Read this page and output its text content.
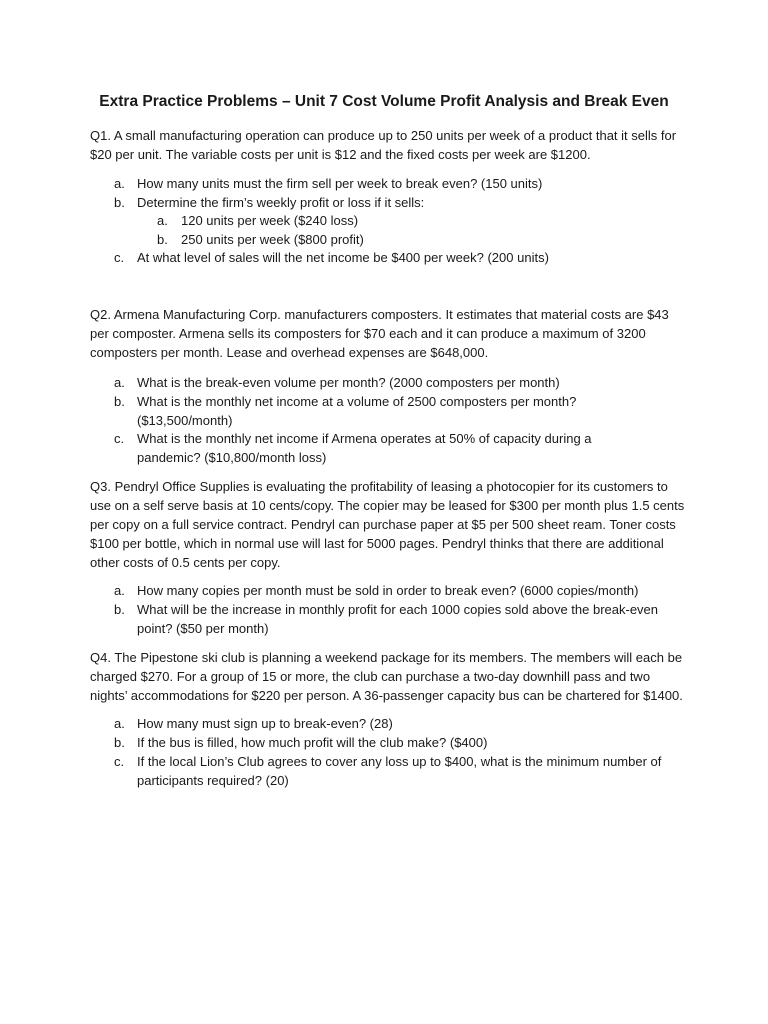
Extra Practice Problems – Unit 7 Cost Volume Profit Analysis and Break Even
Q1. A small manufacturing operation can produce up to 250 units per week of a product that it sells for
$20 per unit. The variable costs per unit is $12 and the fixed costs per week are $1200.
a. How many units must the firm sell per week to break even? (150 units)
b. Determine the firm’s weekly profit or loss if it sells:
a.	120 units per week ($240 loss)
b.	250 units per week ($800 profit)
c. At what level of sales will the net income be $400 per week? (200 units)
Q2. Armena Manufacturing Corp. manufacturers composters. It estimates that material costs are $43
per composter. Armena sells its composters for $70 each and it can produce a maximum of 3200
composters per month. Lease and overhead expenses are $648,000.
a. What is the break-even volume per month? (2000 composters per month)
b. What is the monthly net income at a volume of 2500 composters per month?
($13,500/month)
c. What is the monthly net income if Armena operates at 50% of capacity during a
pandemic? ($10,800/month loss)
Q3. Pendryl Office Supplies is evaluating the profitability of leasing a photocopier for its customers to
use on a self serve basis at 10 cents/copy. The copier may be leased for $300 per month plus 1.5 cents
per copy on a full service contract. Pendryl can purchase paper at $5 per 500 sheet ream. Toner costs
$100 per bottle, which in normal use will last for 5000 pages. Pendryl thinks that there are additional
other costs of 0.5 cents per copy.
a. How many copies per month must be sold in order to break even? (6000 copies/month)
b. What will be the increase in monthly profit for each 1000 copies sold above the break-even
point? ($50 per month)
Q4. The Pipestone ski club is planning a weekend package for its members. The members will each be
charged $270. For a group of 15 or more, the club can purchase a two-day downhill pass and two
nights’ accommodations for $220 per person. A 36-passenger capacity bus can be chartered for $1400.
a. How many must sign up to break-even? (28)
b. If the bus is filled, how much profit will the club make? ($400)
c. If the local Lion’s Club agrees to cover any loss up to $400, what is the minimum number of
participants required? (20)
